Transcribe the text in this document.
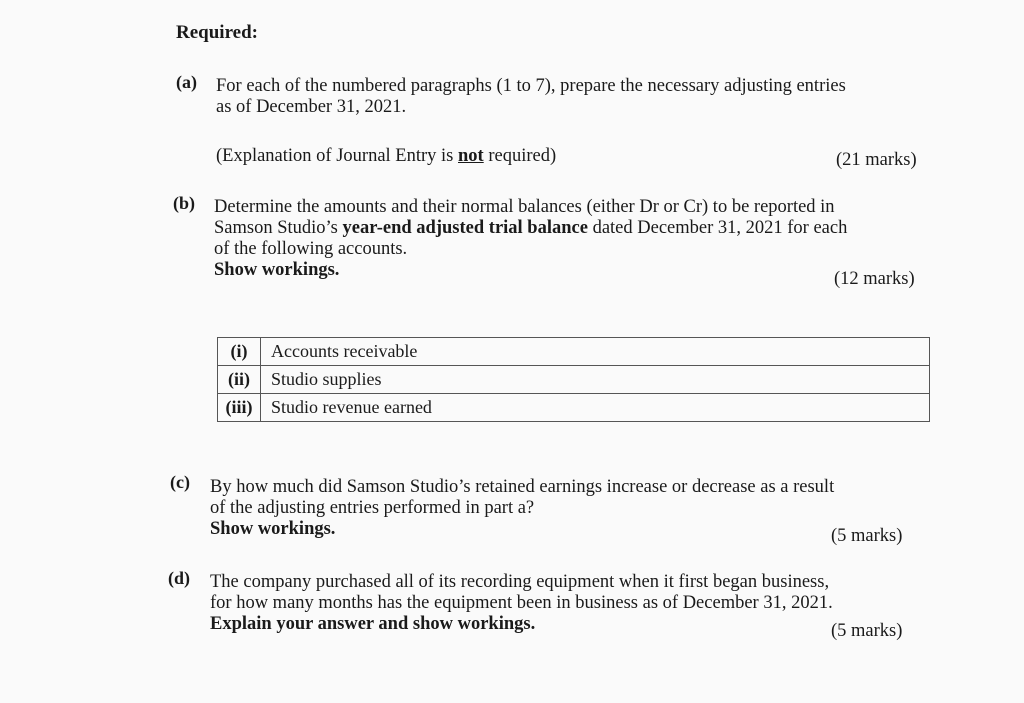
Required:
(a) For each of the numbered paragraphs (1 to 7), prepare the necessary adjusting entries
as of December 31, 2021.
(Explanation of Journal Entry is not required)	(21 marks)
(b) Determine the amounts and their normal balances (either Dr or Cr) to be reported in
Samson Studio’s year-end adjusted trial balance dated December 31, 2021 for each
of the following accounts.
Show workings.	(12 marks)
(i)	Accounts receivable
(ii)	Studio supplies
(iii)	Studio revenue earned
(c) By how much did Samson Studio’s retained earnings increase or decrease as a result
of the adjusting entries performed in part a?
Show workings.	(5 marks)
(d) The company purchased all of its recording equipment when it first began business,
for how many months has the equipment been in business as of December 31, 2021.
Explain your answer and show workings.	(5 marks)
